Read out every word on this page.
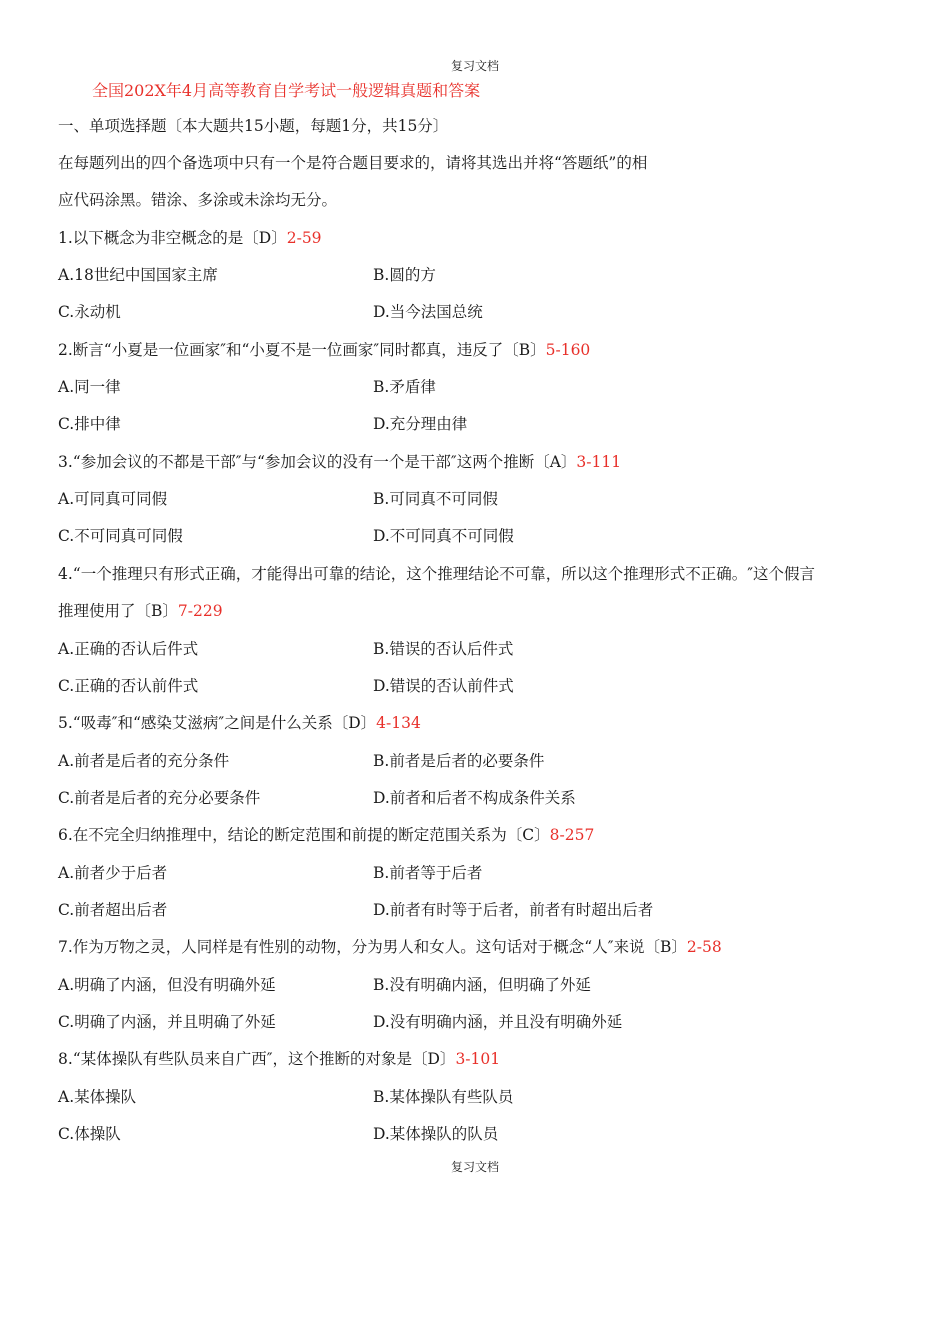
复习文档
全国202X年4月高等教育自学考试一般逻辑真题和答案
一、单项选择题〔本大题共15小题，每题1分，共15分〕
在每题列出的四个备选项中只有一个是符合题目要求的，请将其选出并将“答题纸”的相
应代码涂黑。错涂、多涂或未涂均无分。
1.以下概念为非空概念的是〔D〕2-59
A.18世纪中国国家主席	B.圆的方
C.永动机	D.当今法国总统
2.断言“小夏是一位画家″和“小夏不是一位画家″同时都真，违反了〔B〕5-160
A.同一律	B.矛盾律
C.排中律	D.充分理由律
3.“参加会议的不都是干部″与“参加会议的没有一个是干部″这两个推断〔A〕3-111
A.可同真可同假	B.可同真不可同假
C.不可同真可同假	D.不可同真不可同假
4.“一个推理只有形式正确，才能得出可靠的结论，这个推理结论不可靠，所以这个推理形式不正确。″这个假言
推理使用了〔B〕7-229
A.正确的否认后件式	B.错误的否认后件式
C.正确的否认前件式	D.错误的否认前件式
5.“吸毒″和“感染艾滋病″之间是什么关系〔D〕4-134
A.前者是后者的充分条件	B.前者是后者的必要条件
C.前者是后者的充分必要条件	D.前者和后者不构成条件关系
6.在不完全归纳推理中，结论的断定范围和前提的断定范围关系为〔C〕8-257
A.前者少于后者	B.前者等于后者
C.前者超出后者	D.前者有时等于后者，前者有时超出后者
7.作为万物之灵，人同样是有性别的动物，分为男人和女人。这句话对于概念“人″来说〔B〕2-58
A.明确了内涵，但没有明确外延	B.没有明确内涵，但明确了外延
C.明确了内涵，并且明确了外延	D.没有明确内涵，并且没有明确外延
8.“某体操队有些队员来自广西″，这个推断的对象是〔D〕3-101
A.某体操队	B.某体操队有些队员
C.体操队	D.某体操队的队员
复习文档
